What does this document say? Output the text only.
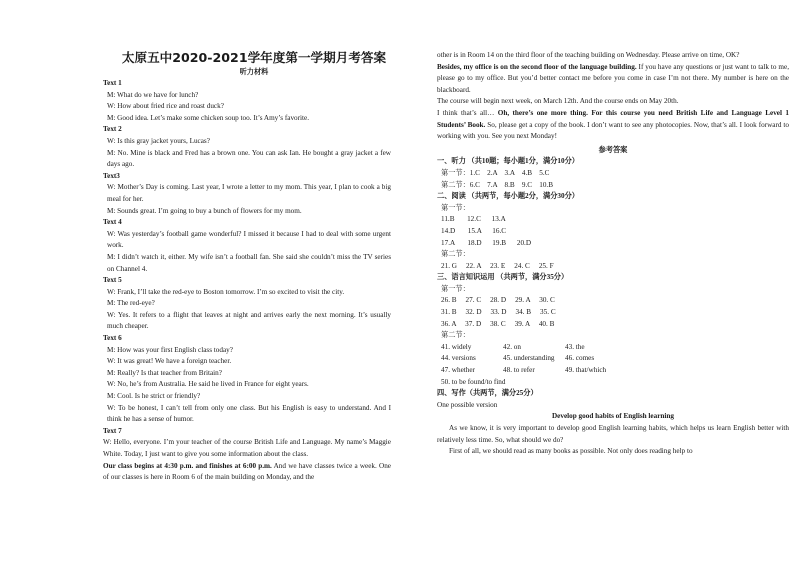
太原五中2020-2021学年度第一学期月考答案
听力材料
Text 1
M: What do we have for lunch?
W: How about fried rice and roast duck?
M: Good idea. Let’s make some chicken soup too. It’s Amy’s favorite.
Text 2
W: Is this gray jacket yours, Lucas?
M: No. Mine is black and Fred has a brown one. You can ask Ian. He bought a gray jacket a few days ago.
Text3
W: Mother’s Day is coming. Last year, I wrote a letter to my mom. This year, I plan to cook a big meal for her.
M: Sounds great. I’m going to buy a bunch of flowers for my mom.
Text 4
W: Was yesterday’s football game wonderful? I missed it because I had to deal with some urgent work.
M: I didn’t watch it, either. My wife isn’t a football fan. She said she couldn’t miss the TV series on Channel 4.
Text 5
W: Frank, I’ll take the red-eye to Boston tomorrow. I’m so excited to visit the city.
M: The red-eye?
W: Yes. It refers to a flight that leaves at night and arrives early the next morning. It’s usually much cheaper.
Text 6
M: How was your first English class today?
W: It was great! We have a foreign teacher.
M: Really? Is that teacher from Britain?
W: No, he’s from Australia. He said he lived in France for eight years.
M: Cool. Is he strict or friendly?
W: To be honest, I can’t tell from only one class. But his English is easy to understand. And I think he has a sense of humor.
Text 7
W: Hello, everyone. I’m your teacher of the course British Life and Language. My name’s Maggie White. Today, I just want to give you some information about the class.
Our class begins at 4:30 p.m. and finishes at 6:00 p.m. And we have classes twice a week. One of our classes is here in Room 6 of the main building on Monday, and the
other is in Room 14 on the third floor of the teaching building on Wednesday. Please arrive on time, OK?
Besides, my office is on the second floor of the language building. If you have any questions or just want to talk to me, please go to my office. But you’d better contact me before you come in case I’m not there. My number is here on the blackboard.
The course will begin next week, on March 12th. And the course ends on May 20th.
I think that’s all… Oh, there’s one more thing. For this course you need British Life and Language Level 1 Students’ Book. So, please get a copy of the book. I don’t want to see any photocopies. Now, that’s all. I look forward to working with you. See you next Monday!
参考答案
一、听力 （共10题；每小题1分，满分10分）
第一节：1.C    2.A    3.A    4.B    5.C
第二节：6.C    7.A    8.B    9.C    10.B
二、阅读 （共两节，每小题2分，满分30分）
第一节：
11.B       12.C      13.A
14.D       15.A      16.C
17.A       18.D      19.B      20.D
第二节：
21. G     22. A     23. E     24. C     25. F
三、语言知识运用 （共两节，满分35分）
第一节：
26. B     27. C     28. D     29. A     30. C
31. B     32. D     33. D     34. B     35. C
36. A     37. D     38. C     39. A     40. B
第二节：
41. widely	42. on	43. the
44. versions	45. understanding 46. comes
47. whether	48. to refer	49. that/which
50. to be found/to find
四、写作（共两节，满分25分）
One possible version
Develop good habits of English learning
As we know, it is very important to develop good English learning habits, which helps us learn English better with relatively less time. So, what should we do?
First of all, we should read as many books as possible. Not only does reading help to
